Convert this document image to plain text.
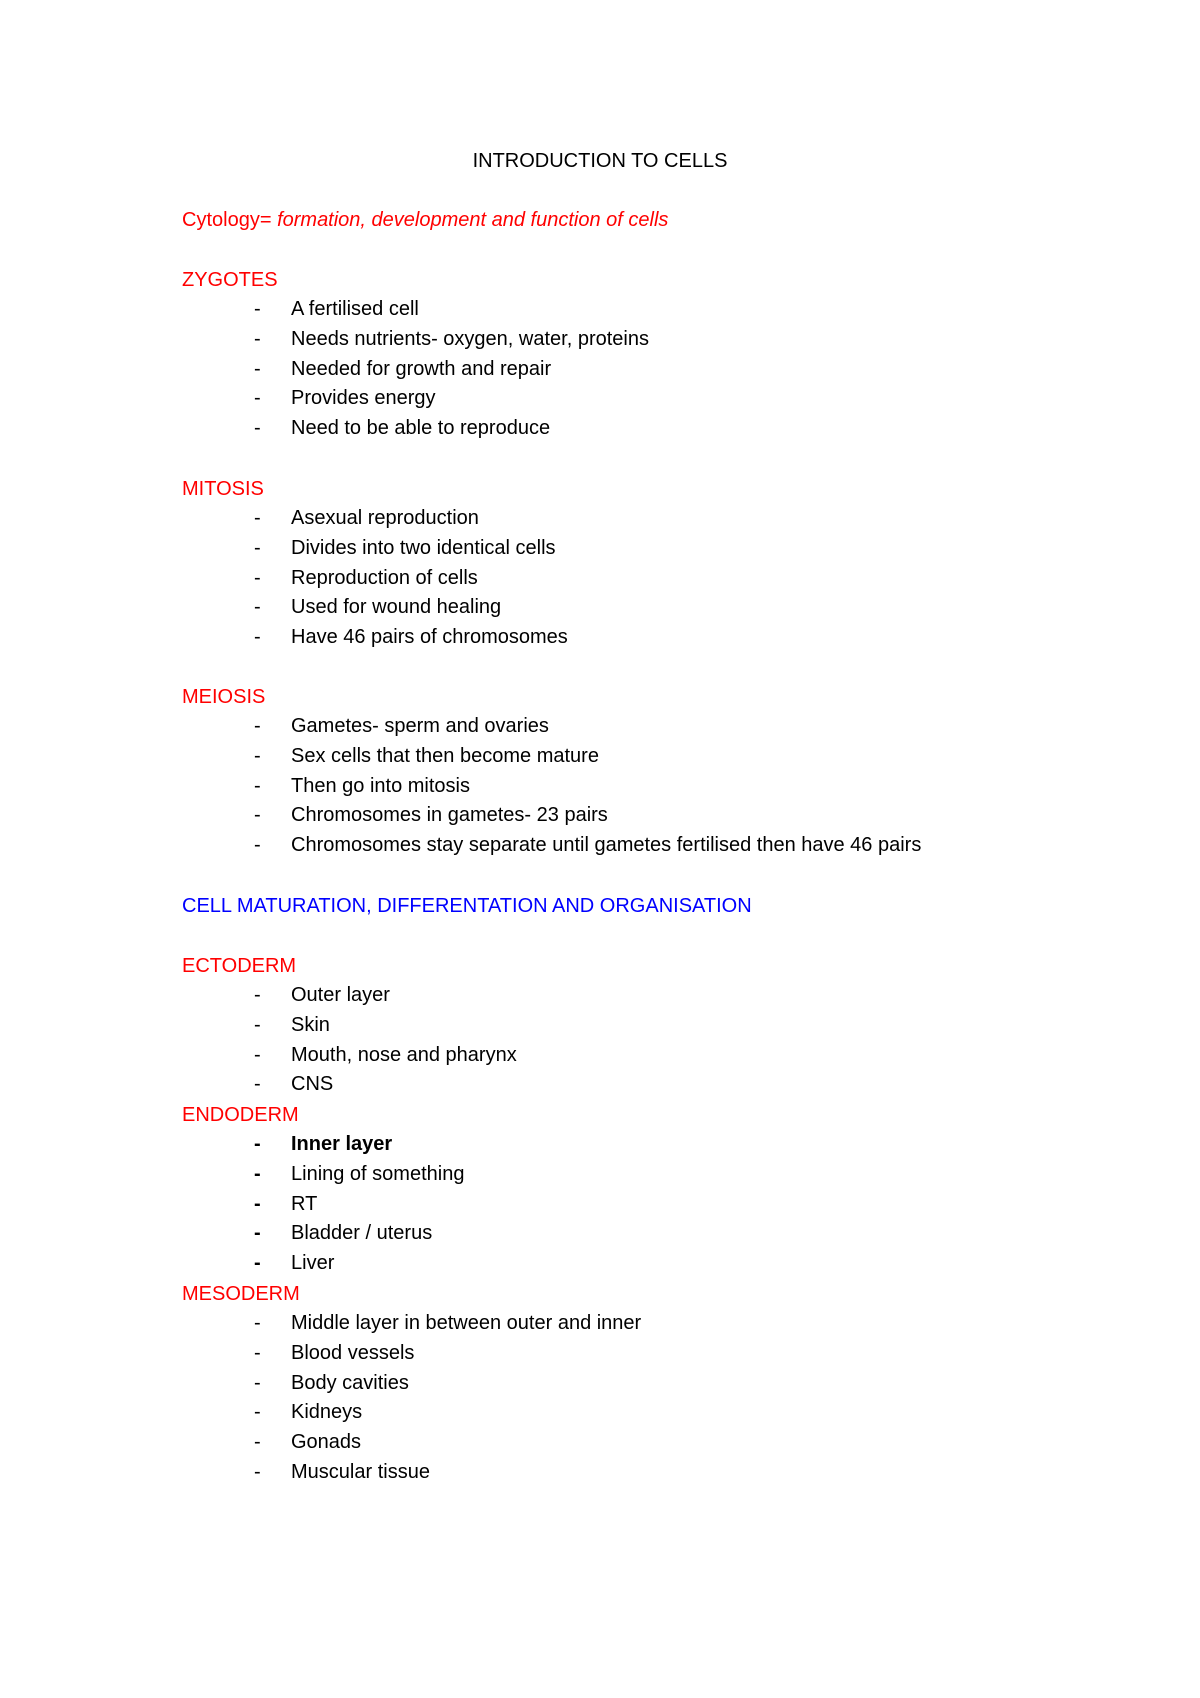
INTRODUCTION TO CELLS
Cytology= formation, development and function of cells
ZYGOTES
- A fertilised cell
- Needs nutrients- oxygen, water, proteins
- Needed for growth and repair
- Provides energy
- Need to be able to reproduce
MITOSIS
- Asexual reproduction
- Divides into two identical cells
- Reproduction of cells
- Used for wound healing
- Have 46 pairs of chromosomes
MEIOSIS
- Gametes- sperm and ovaries
- Sex cells that then become mature
- Then go into mitosis
- Chromosomes in gametes- 23 pairs
- Chromosomes stay separate until gametes fertilised then have 46 pairs
CELL MATURATION, DIFFERENTATION AND ORGANISATION
ECTODERM
- Outer layer
- Skin
- Mouth, nose and pharynx
- CNS
ENDODERM
- Inner layer
- Lining of something
- RT
- Bladder / uterus
- Liver
MESODERM
- Middle layer in between outer and inner
- Blood vessels
- Body cavities
- Kidneys
- Gonads
- Muscular tissue
